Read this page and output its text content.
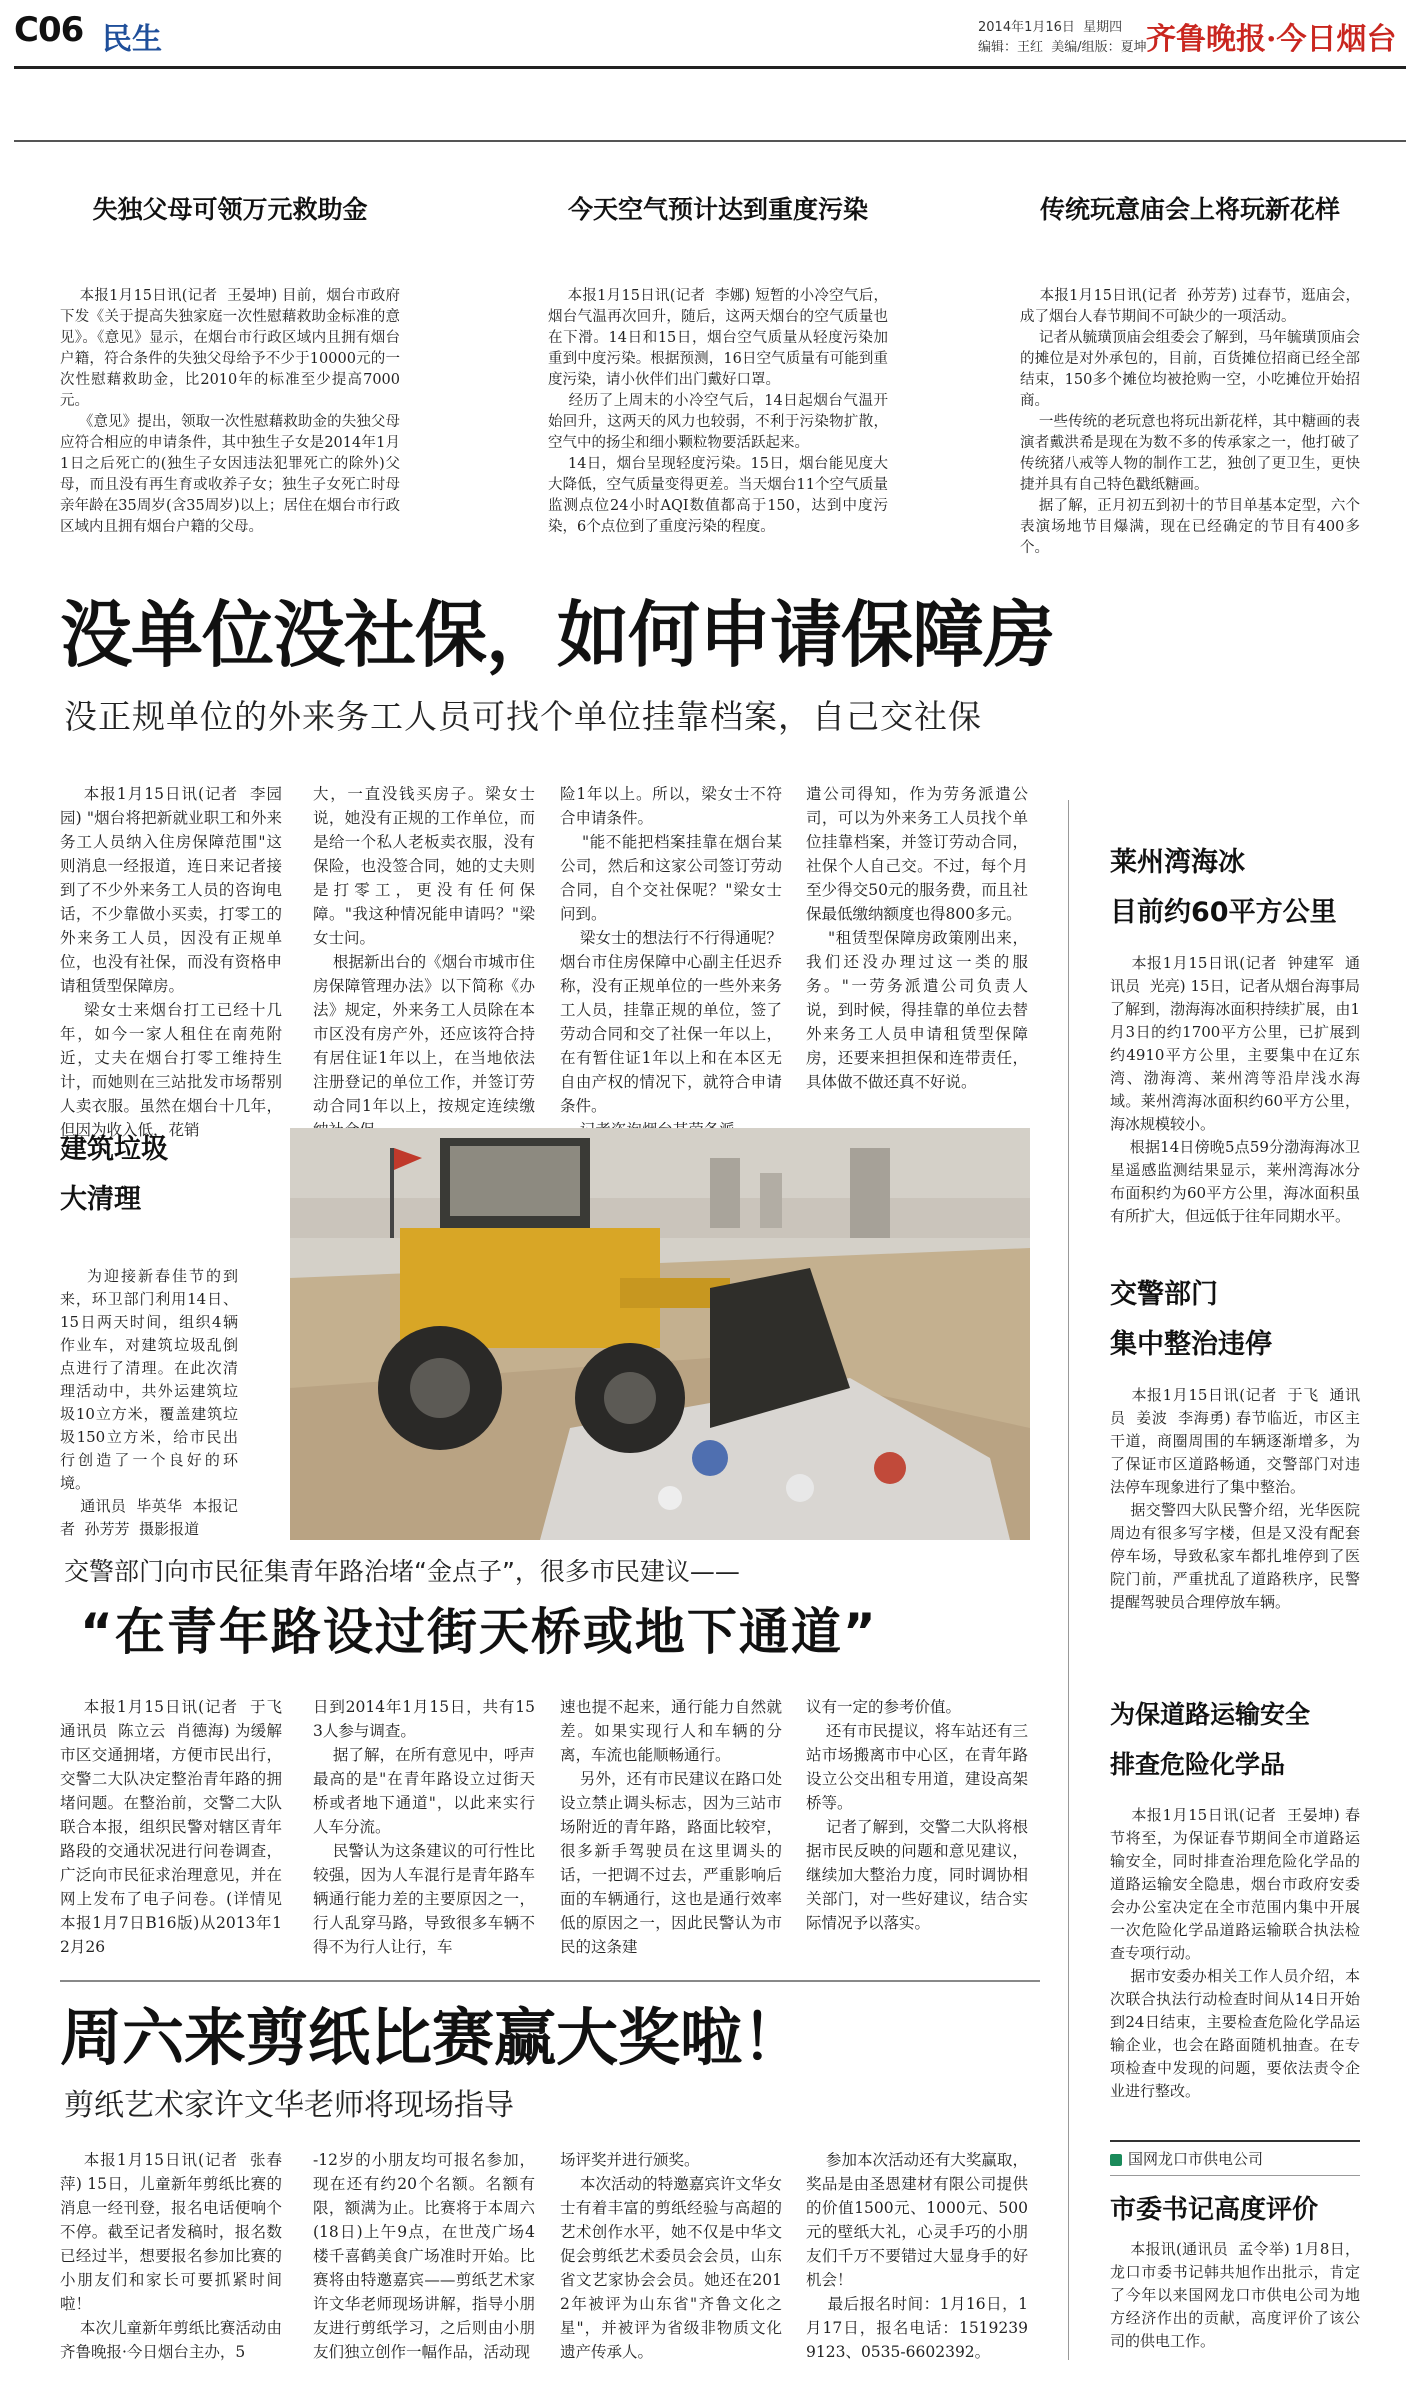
C06 民生	2014年1月16日  星期四
编辑：王红  美编/组版：夏坤 齐鲁晚报·今日烟台
失独父母可领万元救助金

本报1月15日讯(记者  王晏坤) 目前，烟台市政府下发《关于提高失独家庭一次性慰藉救助金标准的意见》。《意见》显示，在烟台市行政区域内且拥有烟台户籍，符合条件的失独父母给予不少于10000元的一次性慰藉救助金，比2010年的标准至少提高7000元。
《意见》提出，领取一次性慰藉救助金的失独父母应符合相应的申请条件，其中独生子女是2014年1月1日之后死亡的(独生子女因违法犯罪死亡的除外)父母，而且没有再生育或收养子女；独生子女死亡时母亲年龄在35周岁(含35周岁)以上；居住在烟台市行政区域内且拥有烟台户籍的父母。

今天空气预计达到重度污染

本报1月15日讯(记者  李娜) 短暂的小冷空气后，烟台气温再次回升，随后，这两天烟台的空气质量也在下滑。14日和15日，烟台空气质量从轻度污染加重到中度污染。根据预测，16日空气质量有可能到重度污染，请小伙伴们出门戴好口罩。
经历了上周末的小冷空气后，14日起烟台气温开始回升，这两天的风力也较弱，不利于污染物扩散，空气中的扬尘和细小颗粒物要活跃起来。
14日，烟台呈现轻度污染。15日，烟台能见度大大降低，空气质量变得更差。当天烟台11个空气质量监测点位24小时AQI数值都高于150，达到中度污染，6个点位到了重度污染的程度。

传统玩意庙会上将玩新花样

本报1月15日讯(记者  孙芳芳) 过春节，逛庙会，成了烟台人春节期间不可缺少的一项活动。
记者从毓璜顶庙会组委会了解到，马年毓璜顶庙会的摊位是对外承包的，目前，百货摊位招商已经全部结束，150多个摊位均被抢购一空，小吃摊位开始招商。
一些传统的老玩意也将玩出新花样，其中糖画的表演者戴洪希是现在为数不多的传承家之一，他打破了传统猪八戒等人物的制作工艺，独创了更卫生，更快捷并具有自己特色戳纸糖画。
据了解，正月初五到初十的节目单基本定型，六个表演场地节目爆满，现在已经确定的节目有400多个。

没单位没社保，如何申请保障房
没正规单位的外来务工人员可找个单位挂靠档案，自己交社保

本报1月15日讯(记者  李园园) "烟台将把新就业职工和外来务工人员纳入住房保障范围"这则消息一经报道，连日来记者接到了不少外来务工人员的咨询电话，不少靠做小买卖，打零工的外来务工人员，因没有正规单位，也没有社保，而没有资格申请租赁型保障房。
梁女士来烟台打工已经十几年，如今一家人租住在南苑附近，丈夫在烟台打零工维持生计，而她则在三站批发市场帮别人卖衣服。虽然在烟台十几年，但因为收入低，花销

大，一直没钱买房子。梁女士说，她没有正规的工作单位，而是给一个私人老板卖衣服，没有保险，也没签合同，她的丈夫则是打零工，更没有任何保障。"我这种情况能申请吗？"梁女士问。
根据新出台的《烟台市城市住房保障管理办法》以下简称《办法》规定，外来务工人员除在本市区没有房产外，还应该符合持有居住证1年以上，在当地依法注册登记的单位工作，并签订劳动合同1年以上，按规定连续缴

险1年以上。所以，梁女士不符合申请条件。
"能不能把档案挂靠在烟台某公司，然后和这家公司签订劳动合同，自个交社保呢？"梁女士问到。
梁女士的想法行不行得通呢？烟台市住房保障中心副主任迟乔称，没有正规单位的一些外来务工人员，挂靠正规的单位，签了劳动合同和交了社保一年以上，在有暂住证1年以上和在本区无自由产权的情况下，就符合申请条件。

遣公司得知，作为劳务派遣公司，可以为外来务工人员找个单位挂靠档案，并签订劳动合同，社保个人自己交。不过，每个月至少得交50元的服务费，而且社保最低缴纳额度也得800多元。
"租赁型保障房政策刚出来，我们还没办理过这一类的服务。"一劳务派遣公司负责人说，到时候，得挂靠的单位去替外来务工人员申请租赁型保障房，还要来担担保和连带责任，具体做不做还真不好说。

建筑垃圾
大清理

为迎接新春佳节的到来，环卫部门利用14日、15日两天时间，组织4辆作业车，对建筑垃圾乱倒点进行了清理。在此次清理活动中，共外运建筑垃圾10立方米，覆盖建筑垃圾150立方米，给市民出行创造了一个良好的环境。
通讯员  毕英华  本报记者  孙芳芳  摄影报道

交警部门向市民征集青年路治堵“金点子”，很多市民建议——
“在青年路设过街天桥或地下通道”

本报1月15日讯(记者  于飞  通讯员  陈立云  肖德海) 为缓解市区交通拥堵，方便市民出行，交警二大队决定整治青年路的拥堵问题。在整治前，交警二大队联合本报，组织民警对辖区青年路段的交通状况进行问卷调查，广泛向市民征求治理意见，并在网上发布了电子问卷。(详情见本报1月7日B16版)从2013年12月26

日到2014年1月15日，共有153人参与调查。
据了解，在所有意见中，呼声最高的是"在青年路设立过街天桥或者地下通道"，以此来实行人车分流。
民警认为这条建议的可行性比较强，因为人车混行是青年路车辆通行能力差的主要原因之一，行人乱穿马路，导致很多车辆不得不为行人让行，车

速也提不起来，通行能力自然就差。如果实现行人和车辆的分离，车流也能顺畅通行。
另外，还有市民建议在路口处设立禁止调头标志，因为三站市场附近的青年路，路面比较窄，很多新手驾驶员在这里调头的话，一把调不过去，严重影响后面的车辆通行，这也是通行效率低的原因之一，因此民警认为市民的这条建

议有一定的参考价值。
还有市民提议，将车站还有三站市场搬离市中心区，在青年路设立公交出租专用道，建设高架桥等。
记者了解到，交警二大队将根据市民反映的问题和意见建议，继续加大整治力度，同时调协相关部门，对一些好建议，结合实际情况予以落实。

周六来剪纸比赛赢大奖啦！
剪纸艺术家许文华老师将现场指导

本报1月15日讯(记者  张春萍) 15日，儿童新年剪纸比赛的消息一经刊登，报名电话便响个不停。截至记者发稿时，报名数已经过半，想要报名参加比赛的小朋友们和家长可要抓紧时间啦！
本次儿童新年剪纸比赛活动由齐鲁晚报·今日烟台主办，5

-12岁的小朋友均可报名参加，现在还有约20个名额。名额有限，额满为止。比赛将于本周六(18日)上午9点，在世茂广场4楼千喜鹤美食广场准时开始。比赛将由特邀嘉宾——剪纸艺术家许文华老师现场讲解，指导小朋友进行剪纸学习，之后则由小朋友们独立创作一幅作品，活动现

场评奖并进行颁奖。
本次活动的特邀嘉宾许文华女士有着丰富的剪纸经验与高超的艺术创作水平，她不仅是中华文促会剪纸艺术委员会会员，山东省文艺家协会会员。她还在2012年被评为山东省"齐鲁文化之星"，并被评为省级非物质文化遗产传承人。

参加本次活动还有大奖赢取，奖品是由圣恩建材有限公司提供的价值1500元、1000元、500元的壁纸大礼，心灵手巧的小朋友们千万不要错过大显身手的好机会！
最后报名时间：1月16日，1月17日，报名电话：15192399123、0535-6602392。

莱州湾海冰
目前约60平方公里

本报1月15日讯(记者  钟建军  通讯员  光亮) 15日，记者从烟台海事局了解到，渤海海冰面积持续扩展，由1月3日的约1700平方公里，已扩展到约4910平方公里，主要集中在辽东湾、渤海湾、莱州湾等沿岸浅水海域。莱州湾海冰面积约60平方公里，海冰规模较小。
根据14日傍晚5点59分渤海海冰卫星遥感监测结果显示，莱州湾海冰分布面积约为60平方公里，海冰面积虽有所扩大，但远低于往年同期水平。

交警部门
集中整治违停

本报1月15日讯(记者  于飞  通讯员  姜波  李海勇) 春节临近，市区主干道，商圈周围的车辆逐渐增多，为了保证市区道路畅通，交警部门对违法停车现象进行了集中整治。
据交警四大队民警介绍，光华医院周边有很多写字楼，但是又没有配套停车场，导致私家车都扎堆停到了医院门前，严重扰乱了道路秩序，民警提醒驾驶员合理停放车辆。

为保道路运输安全
排查危险化学品

本报1月15日讯(记者  王晏坤) 春节将至，为保证春节期间全市道路运输安全，同时排查治理危险化学品的道路运输安全隐患，烟台市政府安委会办公室决定在全市范围内集中开展一次危险化学品道路运输联合执法检查专项行动。
据市安委办相关工作人员介绍，本次联合执法行动检查时间从14日开始到24日结束，主要检查危险化学品运输企业，也会在路面随机抽查。在专项检查中发现的问题，要依法责令企业进行整改。

国网龙口市供电公司
市委书记高度评价

本报讯(通讯员  孟令举) 1月8日，龙口市委书记韩共旭作出批示，肯定了今年以来国网龙口市供电公司为地方经济作出的贡献，高度评价了该公司的供电工作。
